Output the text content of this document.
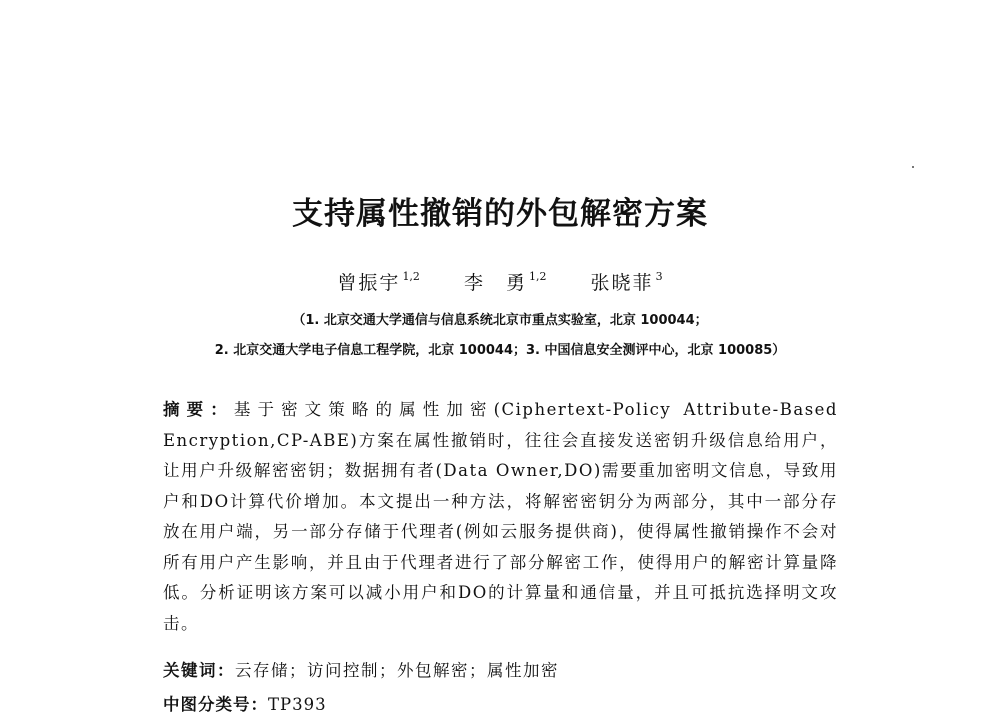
支持属性撤销的外包解密方案
曾振宇 $^{1,2}$ 李　勇 $^{1,2}$ 张晓菲 $^3$
（1. 北京交通大学通信与信息系统北京市重点实验室，北京 100044；
2. 北京交通大学电子信息工程学院，北京 100044；3. 中国信息安全测评中心，北京 100085）
摘要：基于密文策略的属性加密(Ciphertext-Policy Attribute-Based Encryption,CP-ABE)方案在属性撤销时，往往会直接发送密钥升级信息给用户，让用户升级解密密钥；数据拥有者(Data Owner,DO)需要重加密明文信息，导致用户和DO计算代价增加。本文提出一种方法，将解密密钥分为两部分，其中一部分存放在用户端，另一部分存储于代理者(例如云服务提供商)，使得属性撤销操作不会对所有用户产生影响，并且由于代理者进行了部分解密工作，使得用户的解密计算量降低。分析证明该方案可以减小用户和DO的计算量和通信量，并且可抵抗选择明文攻击。
关键词：云存储；访问控制；外包解密；属性加密
中图分类号：TP393
